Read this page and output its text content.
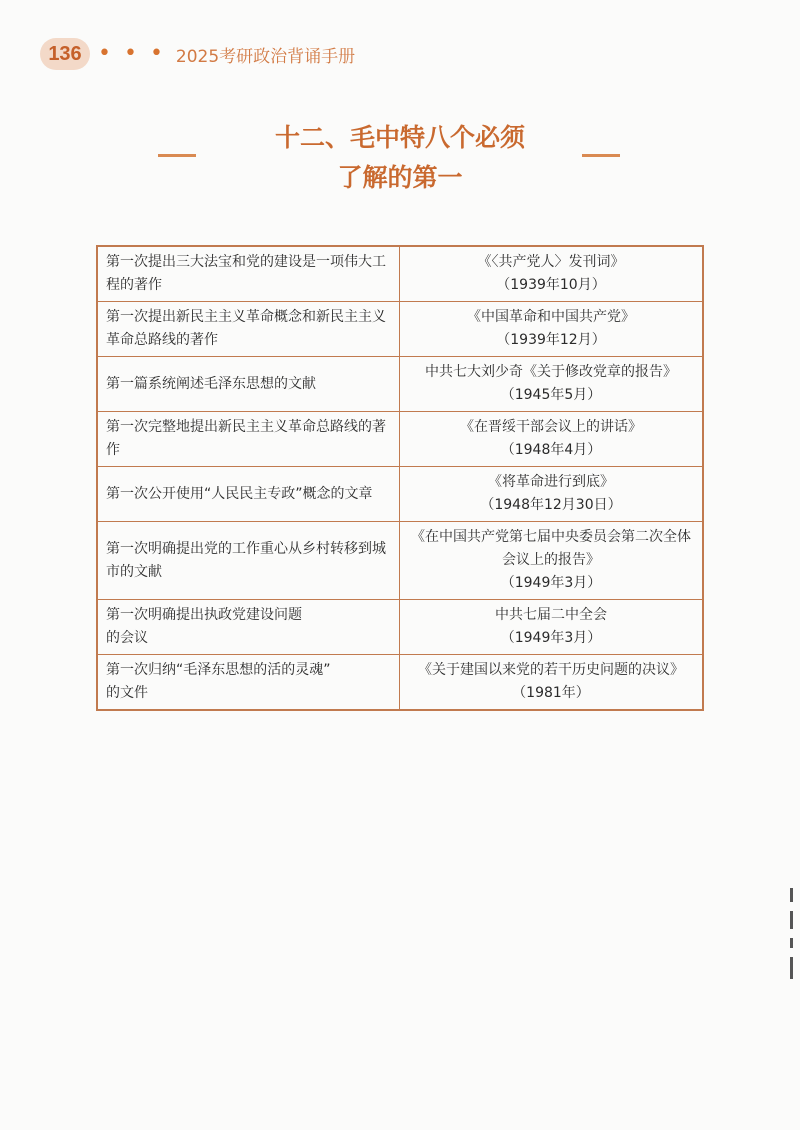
136 • • • 2025考研政治背诵手册
十二、毛中特八个必须
了解的第一
第一次提出三大法宝和党的建设是一项伟大工程的著作	《〈共产党人〉发刊词》
（1939年10月）
第一次提出新民主主义革命概念和新民主主义革命总路线的著作	《中国革命和中国共产党》
（1939年12月）
第一篇系统阐述毛泽东思想的文献	中共七大刘少奇《关于修改党章的报告》（1945年5月）
第一次完整地提出新民主主义革命总路线的著作	《在晋绥干部会议上的讲话》
（1948年4月）
第一次公开使用“人民民主专政”概念的文章	《将革命进行到底》
（1948年12月30日）
第一次明确提出党的工作重心从乡村转移到城市的文献	《在中国共产党第七届中央委员会第二次全体会议上的报告》
（1949年3月）
第一次明确提出执政党建设问题
的会议	中共七届二中全会
（1949年3月）
第一次归纳“毛泽东思想的活的灵魂”
的文件	《关于建国以来党的若干历史问题的决议》（1981年）
